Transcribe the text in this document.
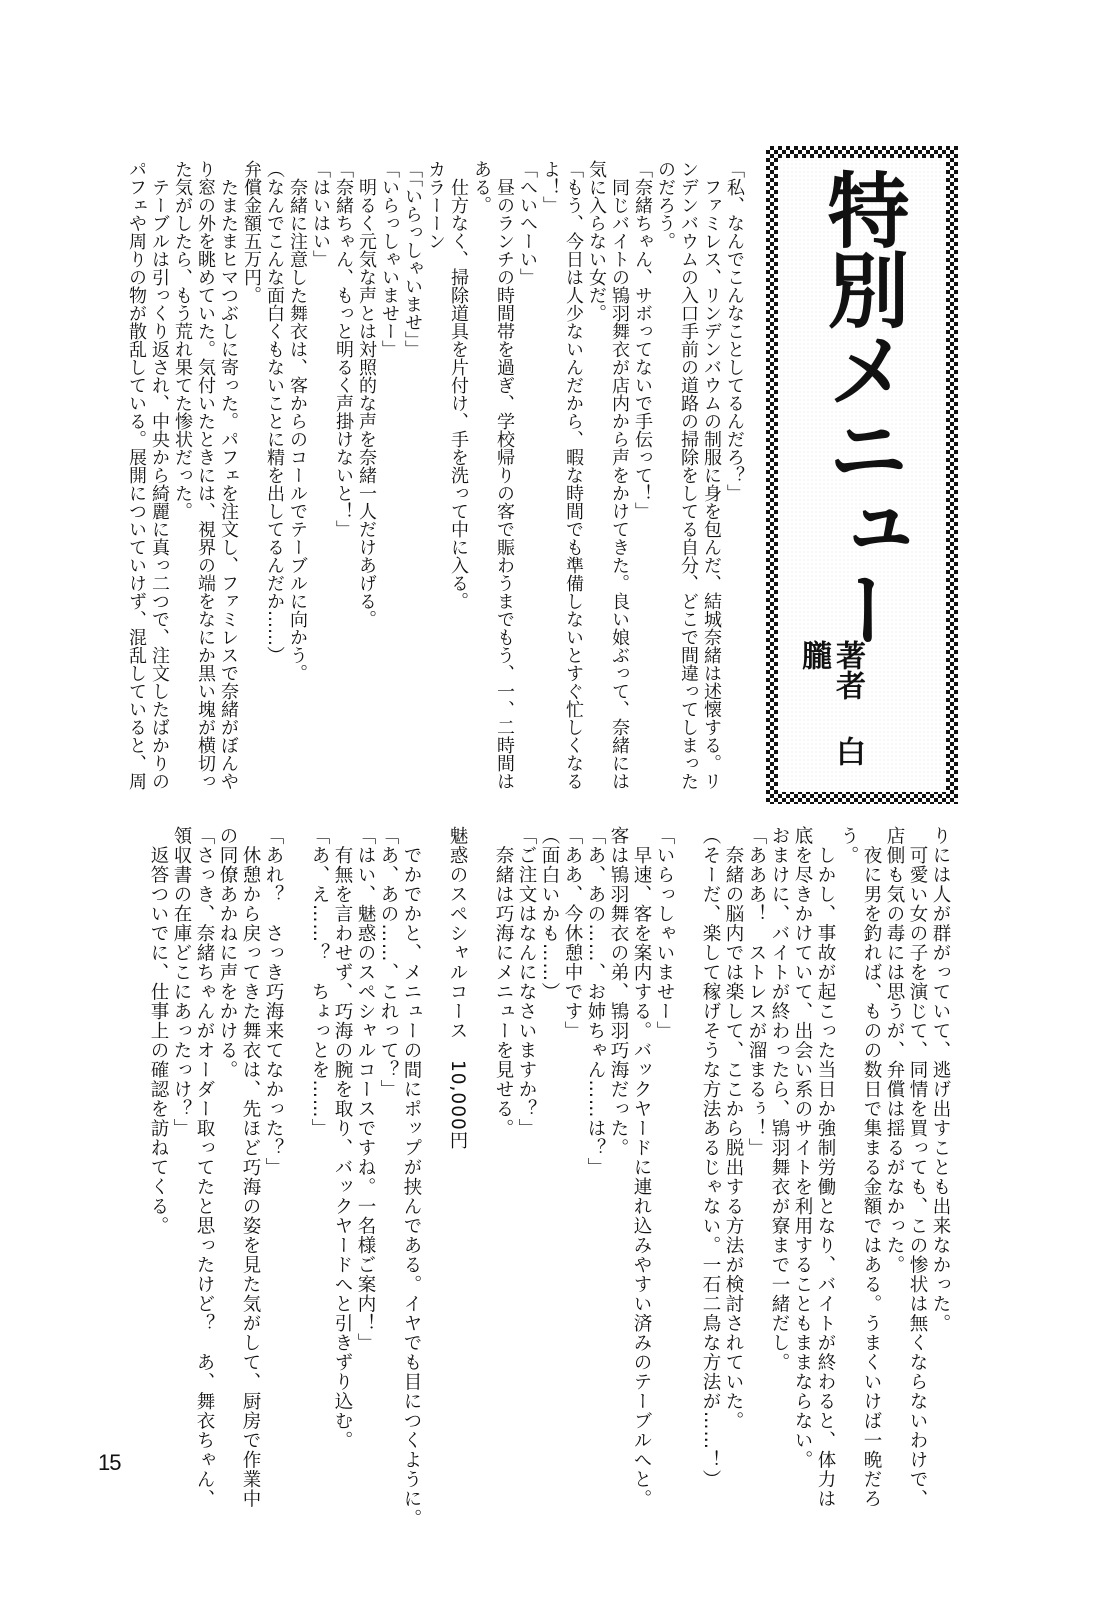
特別メニュー
著者白朧
「私、なんでこんなことしてるんだろ？」
　ファミレス、リンデンバウムの制服に身を包んだ、結城奈緒は述懐する。リ
ンデンバウムの入口手前の道路の掃除をしてる自分、どこで間違ってしまった
のだろう。
「奈緒ちゃん、サボってないで手伝って！」
　同じバイトの鴇羽舞衣が店内から声をかけてきた。良い娘ぶって、奈緒には
気に入らない女だ。
「もう、今日は人少ないんだから、暇な時間でも準備しないとすぐ忙しくなる
よ！」
「へいへーい」
　昼のランチの時間帯を過ぎ、学校帰りの客で賑わうまでもう、一、二時間は
ある。
　仕方なく、掃除道具を片付け、手を洗って中に入る。
カラーーン
「「いらっしゃいませ」」
「いらっしゃいませー」
　明るく元気な声とは対照的な声を奈緒一人だけあげる。
「奈緒ちゃん、もっと明るく声掛けないと！」
「はいはい」
　奈緒に注意した舞衣は、客からのコールでテーブルに向かう。
（なんでこんな面白くもないことに精を出してるんだか……）
弁償金額五万円。
　たまたまヒマつぶしに寄った。パフェを注文し、ファミレスで奈緒がぼんや
り窓の外を眺めていた。気付いたときには、視界の端をなにか黒い塊が横切っ
た気がしたら、もう荒れ果てた惨状だった。
　テーブルは引っくり返され、中央から綺麗に真っ二つで、注文したばかりの
パフェや周りの物が散乱している。展開についていけず、混乱していると、周
りには人が群がっていて、逃げ出すことも出来なかった。
　可愛い女の子を演じて、同情を買っても、この惨状は無くならないわけで、
店側も気の毒には思うが、弁償は揺るがなかった。
　夜に男を釣れば、ものの数日で集まる金額ではある。うまくいけば一晩だろ
う。
　しかし、事故が起こった当日か強制労働となり、バイトが終わると、体力は
底を尽きかけていて、出会い系のサイトを利用することもままならない。
おまけに、バイトが終わったら、鴇羽舞衣が寮まで一緒だし。
「あああ！　ストレスが溜まるぅ！」
　奈緒の脳内では楽して、ここから脱出する方法が検討されていた。
（そーだ、楽して稼げそうな方法あるじゃない。一石二鳥な方法が……！）
「いらっしゃいませー」
　早速、客を案内する。バックヤードに連れ込みやすい済みのテーブルへと。
客は鴇羽舞衣の弟、鴇羽巧海だった。
「あ、あの……、お姉ちゃん……は？」
「ああ、今休憩中です」
（面白いかも……）
「ご注文はなんになさいますか？」
　奈緒は巧海にメニューを見せる。
魅惑のスペシャルコース　10,000円
　でかでかと、メニューの間にポップが挟んである。イヤでも目につくように。
「あ、あの……、これって？」
「はい、魅惑のスペシャルコースですね。一名様ご案内！」
　有無を言わせず、巧海の腕を取り、バックヤードへと引きずり込む。
「あ、え……？　ちょっとを……」
「あれ？　さっき巧海来てなかった？」
　休憩から戻ってきた舞衣は、先ほど巧海の姿を見た気がして、厨房で作業中
の同僚あかねに声をかける。
「さっき、奈緒ちゃんがオーダー取ってたと思ったけど？　あ、舞衣ちゃん、
領収書の在庫どこにあったっけ？」
　返答ついでに、仕事上の確認を訪ねてくる。
15
